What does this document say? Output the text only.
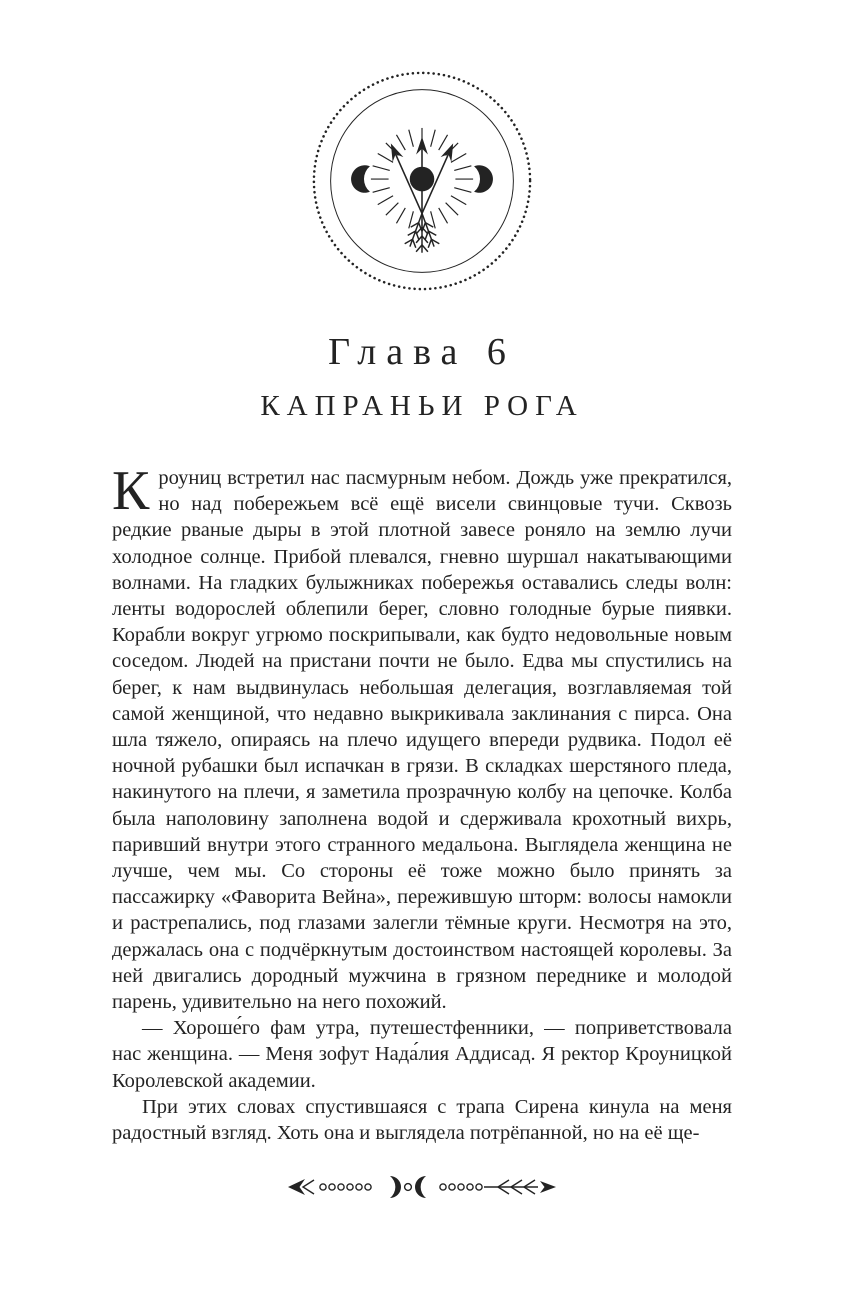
Глава 6
КАПРАНЬИ РОГА

Кроуниц встретил нас пасмурным небом. Дождь уже прекратился, но над побережьем всё ещё висели свинцовые тучи. Сквозь редкие рваные дыры в этой плотной завесе роняло на землю лучи холодное солнце. Прибой плевался, гневно шуршал накатывающими волнами. На гладких булыжниках побережья оставались следы волн: ленты водорослей облепили берег, словно голодные бурые пиявки. Корабли вокруг угрюмо поскрипывали, как будто недовольные новым соседом. Людей на пристани почти не было. Едва мы спустились на берег, к нам выдвинулась небольшая делегация, возглавляемая той самой женщиной, что недавно выкрикивала заклинания с пирса. Она шла тяжело, опираясь на плечо идущего впереди рудвика. Подол её ночной рубашки был испачкан в грязи. В складках шерстяного пледа, накинутого на плечи, я заметила прозрачную колбу на цепочке. Колба была наполовину заполнена водой и сдерживала крохотный вихрь, паривший внутри этого странного медальона. Выглядела женщина не лучше, чем мы. Со стороны её тоже можно было принять за пассажирку «Фаворита Вейна», пережившую шторм: волосы намокли и растрепались, под глазами залегли тёмные круги. Несмотря на это, держалась она с подчёркнутым достоинством настоящей королевы. За ней двигались дородный мужчина в грязном переднике и молодой парень, удивительно на него похожий.

— Хороше́го фам утра, путешестфенники, — поприветствовала нас женщина. — Меня зофут Нада́лия Аддисад. Я ректор Кроуницкой Королевской академии.

При этих словах спустившаяся с трапа Сирена кинула на меня радостный взгляд. Хоть она и выглядела потрёпанной, но на её ще-
